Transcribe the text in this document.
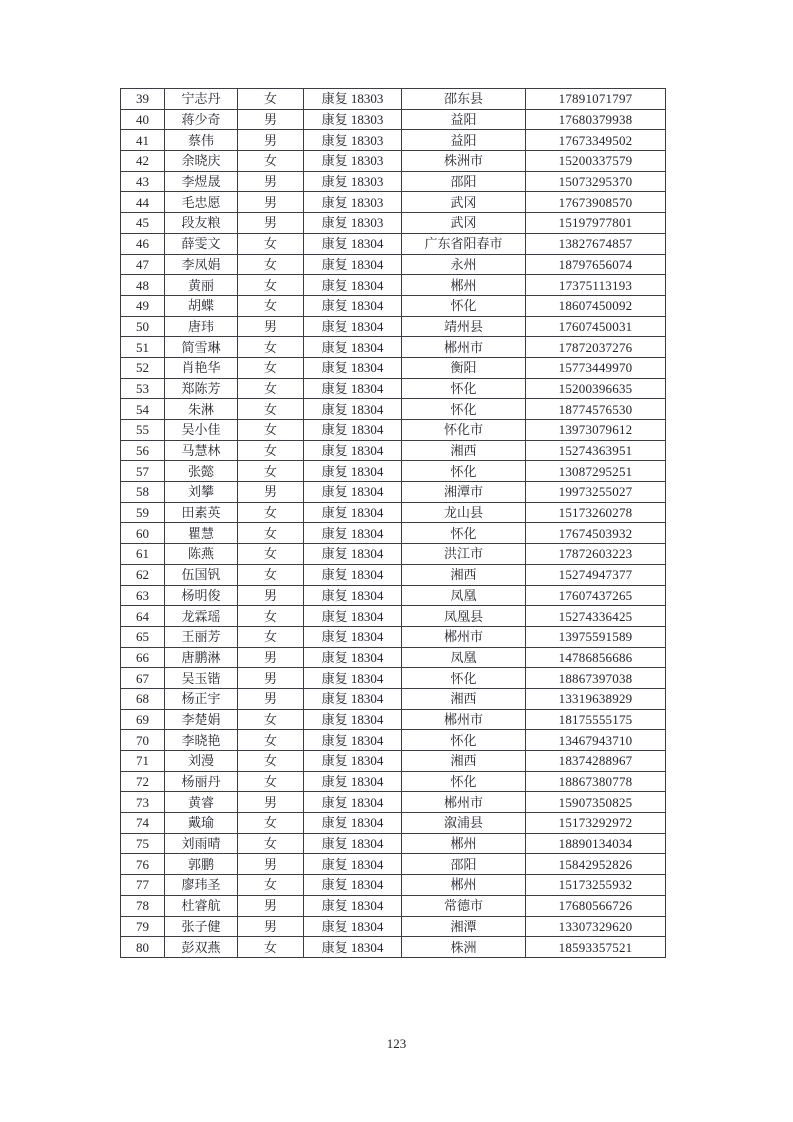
39	宁志丹	女	康复 18303	邵东县	17891071797
40	蒋少奇	男	康复 18303	益阳	17680379938
41	蔡伟	男	康复 18303	益阳	17673349502
42	余晓庆	女	康复 18303	株洲市	15200337579
43	李煜晟	男	康复 18303	邵阳	15073295370
44	毛忠愿	男	康复 18303	武冈	17673908570
45	段友粮	男	康复 18303	武冈	15197977801
46	薛雯文	女	康复 18304	广东省阳春市	13827674857
47	李凤娟	女	康复 18304	永州	18797656074
48	黄丽	女	康复 18304	郴州	17375113193
49	胡蝶	女	康复 18304	怀化	18607450092
50	唐玮	男	康复 18304	靖州县	17607450031
51	简雪琳	女	康复 18304	郴州市	17872037276
52	肖艳华	女	康复 18304	衡阳	15773449970
53	郑陈芳	女	康复 18304	怀化	15200396635
54	朱淋	女	康复 18304	怀化	18774576530
55	吴小佳	女	康复 18304	怀化市	13973079612
56	马慧林	女	康复 18304	湘西	15274363951
57	张懿	女	康复 18304	怀化	13087295251
58	刘攀	男	康复 18304	湘潭市	19973255027
59	田素英	女	康复 18304	龙山县	15173260278
60	瞿慧	女	康复 18304	怀化	17674503932
61	陈燕	女	康复 18304	洪江市	17872603223
62	伍国钒	女	康复 18304	湘西	15274947377
63	杨明俊	男	康复 18304	凤凰	17607437265
64	龙霖瑶	女	康复 18304	凤凰县	15274336425
65	王丽芳	女	康复 18304	郴州市	13975591589
66	唐鹏淋	男	康复 18304	凤凰	14786856686
67	吴玉锴	男	康复 18304	怀化	18867397038
68	杨正宇	男	康复 18304	湘西	13319638929
69	李楚娟	女	康复 18304	郴州市	18175555175
70	李晓艳	女	康复 18304	怀化	13467943710
71	刘漫	女	康复 18304	湘西	18374288967
72	杨丽丹	女	康复 18304	怀化	18867380778
73	黄睿	男	康复 18304	郴州市	15907350825
74	戴瑜	女	康复 18304	溆浦县	15173292972
75	刘雨晴	女	康复 18304	郴州	18890134034
76	郭鹏	男	康复 18304	邵阳	15842952826
77	廖玮圣	女	康复 18304	郴州	15173255932
78	杜睿航	男	康复 18304	常德市	17680566726
79	张子健	男	康复 18304	湘潭	13307329620
80	彭双燕	女	康复 18304	株洲	18593357521
123
